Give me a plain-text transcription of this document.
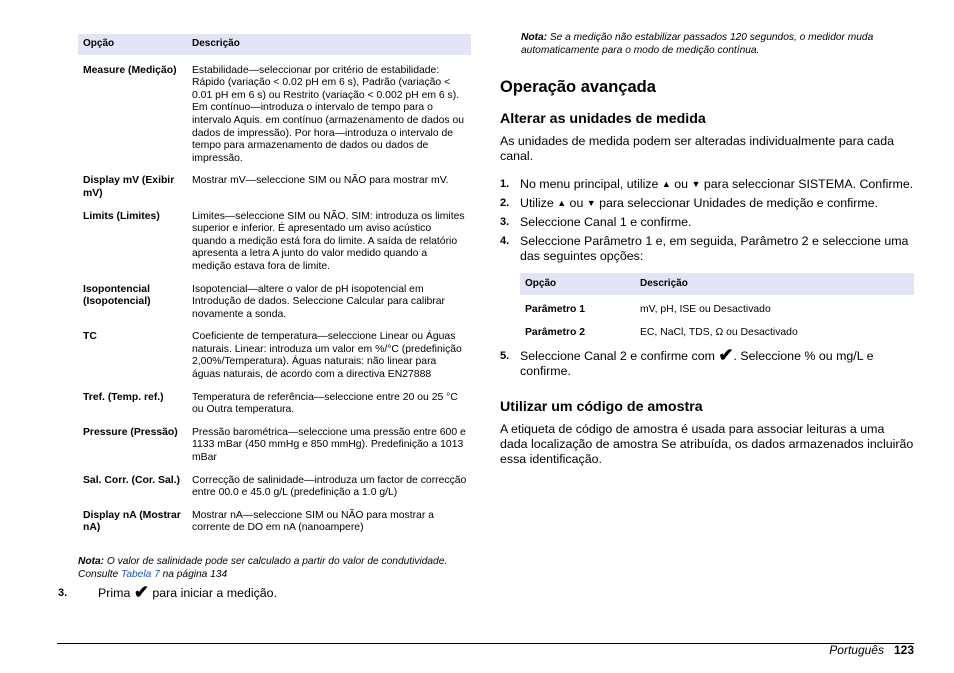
Opção	Descrição

Measure (Medição)	Estabilidade—seleccionar por critério de estabilidade: Rápido (variação < 0.02 pH em 6 s), Padrão (variação < 0.01 pH em 6 s) ou Restrito (variação < 0.002 pH em 6 s). Em contínuo—introduza o intervalo de tempo para o intervalo Aquis. em contínuo (armazenamento de dados ou dados de impressão). Por hora—introduza o intervalo de tempo para armazenamento de dados ou dados de impressão.
Display mV (Exibir mV)	Mostrar mV—seleccione SIM ou NÃO para mostrar mV.
Limits (Limites)	Limites—seleccione SIM ou NÃO. SIM: introduza os limites superior e inferior. É apresentado um aviso acústico quando a medição está fora do limite. A saída de relatório apresenta a letra A junto do valor medido quando a medição estava fora de limite.
Isopontencial (Isopotencial)	Isopotencial—altere o valor de pH isopotencial em Introdução de dados. Seleccione Calcular para calibrar novamente a sonda.
TC	Coeficiente de temperatura—seleccione Linear ou Águas naturais. Linear: introduza um valor em %/°C (predefinição 2,00%/Temperatura). Águas naturais: não linear para águas naturais, de acordo com a directiva EN27888
Tref. (Temp. ref.)	Temperatura de referência—seleccione entre 20 ou 25 °C ou Outra temperatura.
Pressure (Pressão)	Pressão barométrica—seleccione uma pressão entre 600 e 1133 mBar (450 mmHg e 850 mmHg). Predefinição a 1013 mBar
Sal. Corr. (Cor. Sal.)	Correcção de salinidade—introduza um factor de correcção entre 00.0 e 45.0 g/L (predefinição a 1.0 g/L)
Display nA (Mostrar nA)	Mostrar nA—seleccione SIM ou NÃO para mostrar a corrente de DO em nA (nanoampere)
Nota: O valor de salinidade pode ser calculado a partir do valor de condutividade. Consulte Tabela 7 na página 134
3. Prima ✔ para iniciar a medição.
Nota: Se a medição não estabilizar passados 120 segundos, o medidor muda automaticamente para o modo de medição contínua.
Operação avançada
Alterar as unidades de medida

As unidades de medida podem ser alteradas individualmente para cada canal.

1. No menu principal, utilize ▲ ou ▼ para seleccionar SISTEMA. Confirme.
2. Utilize ▲ ou ▼ para seleccionar Unidades de medição e confirme.
3. Seleccione Canal 1 e confirme.
4. Seleccione Parâmetro 1 e, em seguida, Parâmetro 2 e seleccione uma das seguintes opções:
Opção	Descrição

Parâmetro 1	mV, pH, ISE ou Desactivado
Parâmetro 2	EC, NaCl, TDS, Ω ou Desactivado
5. Seleccione Canal 2 e confirme com ✔. Seleccione % ou mg/L e confirme.
Utilizar um código de amostra

A etiqueta de código de amostra é usada para associar leituras a uma dada localização de amostra Se atribuída, os dados armazenados incluirão essa identificação.

Português 123
